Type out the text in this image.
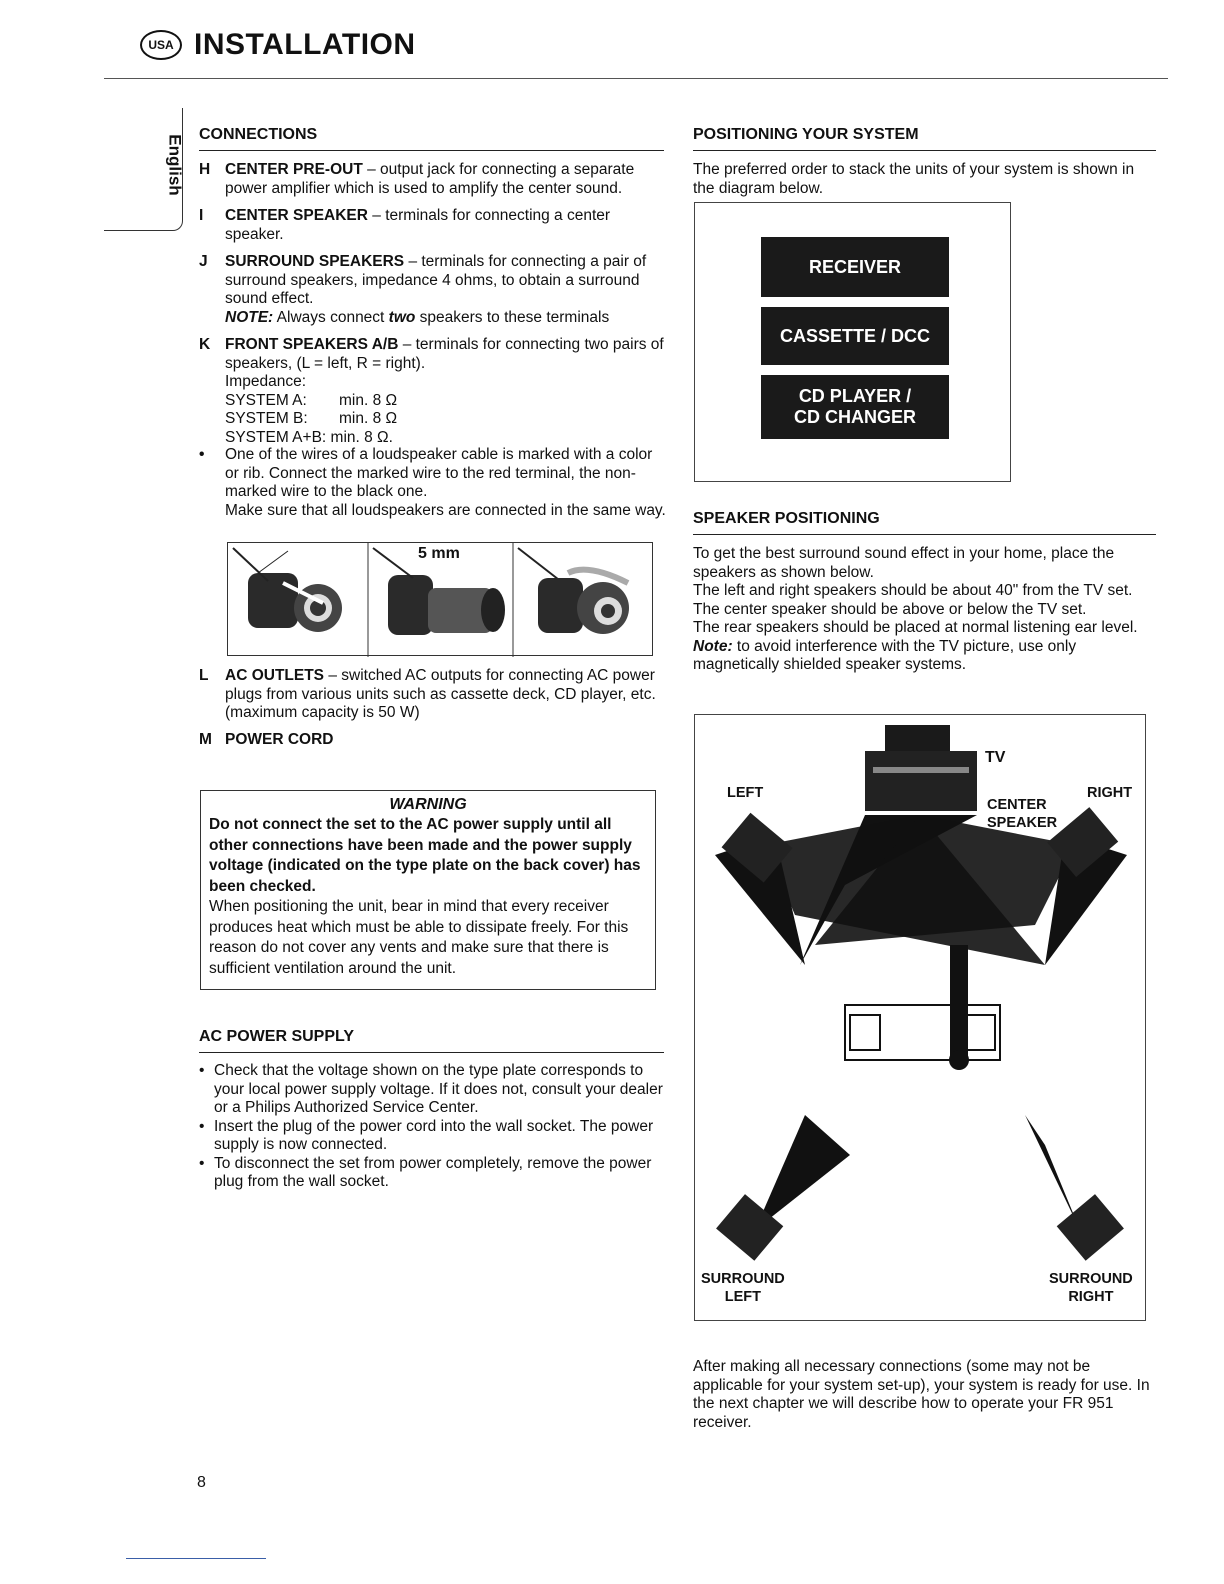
USA INSTALLATION
English CONNECTIONS
H CENTER PRE-OUT – output jack for connecting a separate power amplifier which is used to amplify the center sound.
I	CENTER SPEAKER – terminals for connecting a center speaker.
J	SURROUND SPEAKERS – terminals for connecting a pair of surround speakers, impedance 4 ohms, to obtain a surround sound effect.
NOTE: Always connect two speakers to these terminals
K FRONT SPEAKERS A/B – terminals for connecting two pairs of speakers, (L = left, R = right).
Impedance:

SYSTEM A: min. 8 Ω
SYSTEM B: min. 8 Ω
SYSTEM A+B: min. 8 Ω.
•	One of the wires of a loudspeaker cable is marked with a color or rib. Connect the marked wire to the red terminal, the non-marked wire to the black one.
Make sure that all loudspeakers are connected in the same way.
5 mm
L	AC OUTLETS – switched AC outputs for connecting AC power plugs from various units such as cassette deck, CD player, etc. (maximum capacity is 50 W)
M POWER CORD
WARNING
Do not connect the set to the AC power supply until all other connections have been made and the power supply voltage (indicated on the type plate on the back cover) has been checked.
When positioning the unit, bear in mind that every receiver produces heat which must be able to dissipate freely. For this reason do not cover any vents and make sure that there is sufficient ventilation around the unit.
AC POWER SUPPLY
• Check that the voltage shown on the type plate corresponds to your local power supply voltage. If it does not, consult your dealer or a Philips Authorized Service Center.
• Insert the plug of the power cord into the wall socket. The power supply is now connected.
• To disconnect the set from power completely, remove the power plug from the wall socket.
POSITIONING YOUR SYSTEM
The preferred order to stack the units of your system is shown in the diagram below.
RECEIVER
CASSETTE / DCC
CD PLAYER /
CD CHANGER
SPEAKER POSITIONING
To get the best surround sound effect in your home, place the speakers as shown below.
The left and right speakers should be about 40" from the TV set.
The center speaker should be above or below the TV set.
The rear speakers should be placed at normal listening ear level.
Note: to avoid interference with the TV picture, use only magnetically shielded speaker systems.
TV
LEFT	RIGHT
CENTER
SPEAKER
SURROUND
LEFT
SURROUND
RIGHT
After making all necessary connections (some may not be applicable for your system set-up), your system is ready for use. In the next chapter we will describe how to operate your FR 951 receiver.
8
